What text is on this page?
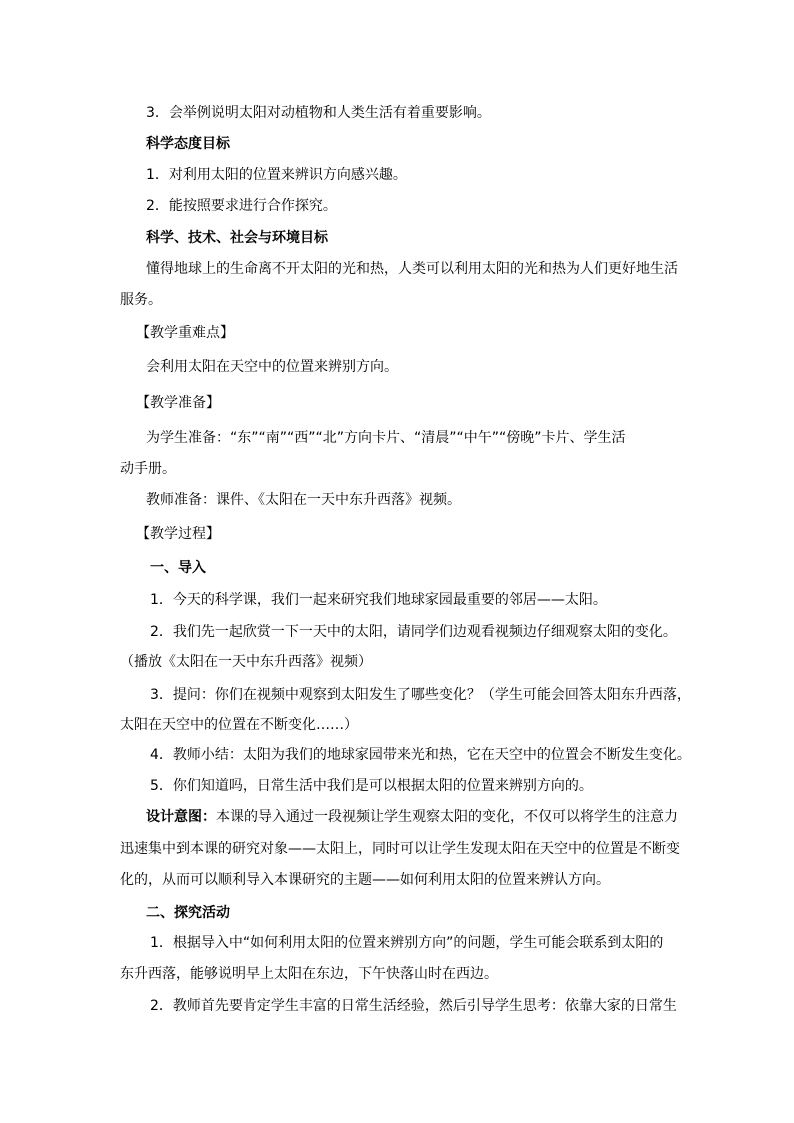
3．会举例说明太阳对动植物和人类生活有着重要影响。
科学态度目标
1．对利用太阳的位置来辨识方向感兴趣。
2．能按照要求进行合作探究。
科学、技术、社会与环境目标
懂得地球上的生命离不开太阳的光和热，人类可以利用太阳的光和热为人们更好地生活
服务。
【教学重难点】
会利用太阳在天空中的位置来辨别方向。
【教学准备】
为学生准备：“东”“南”“西”“北”方向卡片、“清晨”“中午”“傍晚”卡片、学生活
动手册。
教师准备：课件、《太阳在一天中东升西落》视频。
【教学过程】
一、导入
1．今天的科学课，我们一起来研究我们地球家园最重要的邻居——太阳。
2．我们先一起欣赏一下一天中的太阳，请同学们边观看视频边仔细观察太阳的变化。
（播放《太阳在一天中东升西落》视频）
3．提问：你们在视频中观察到太阳发生了哪些变化？（学生可能会回答太阳东升西落，
太阳在天空中的位置在不断变化……）
4．教师小结：太阳为我们的地球家园带来光和热，它在天空中的位置会不断发生变化。
5．你们知道吗，日常生活中我们是可以根据太阳的位置来辨别方向的。
设计意图：本课的导入通过一段视频让学生观察太阳的变化，不仅可以将学生的注意力
迅速集中到本课的研究对象——太阳上，同时可以让学生发现太阳在天空中的位置是不断变
化的，从而可以顺利导入本课研究的主题——如何利用太阳的位置来辨认方向。
二、探究活动
1．根据导入中“如何利用太阳的位置来辨别方向”的问题，学生可能会联系到太阳的
东升西落，能够说明早上太阳在东边，下午快落山时在西边。
2．教师首先要肯定学生丰富的日常生活经验，然后引导学生思考：依靠大家的日常生
